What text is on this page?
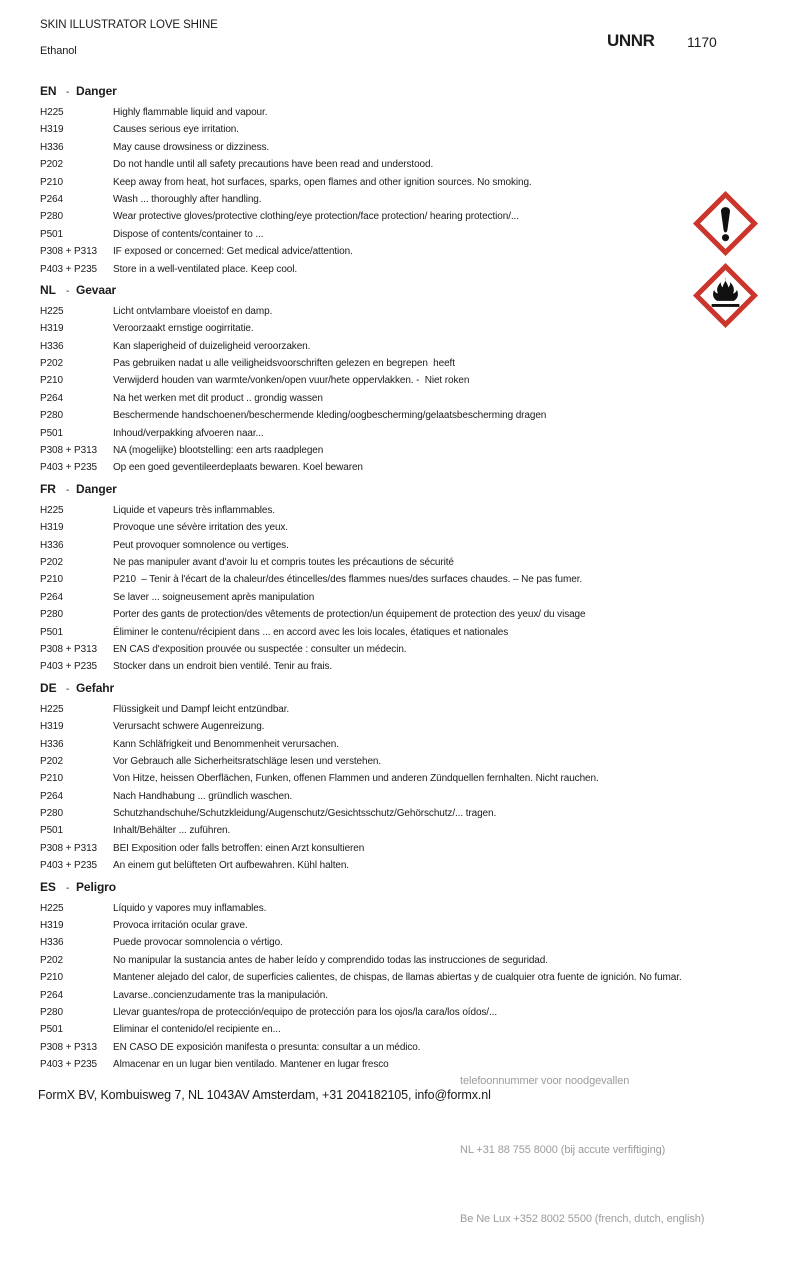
SKIN ILLUSTRATOR LOVE SHINE
Ethanol
UNNR 1170
EN - Danger
H225	Highly flammable liquid and vapour.
H319	Causes serious eye irritation.
H336	May cause drowsiness or dizziness.
P202	Do not handle until all safety precautions have been read and understood.
P210	Keep away from heat, hot surfaces, sparks, open flames and other ignition sources. No smoking.
P264	Wash ... thoroughly after handling.
P280	Wear protective gloves/protective clothing/eye protection/face protection/ hearing protection/...
P501	Dispose of contents/container to ...
P308 + P313	IF exposed or concerned: Get medical advice/attention.
P403 + P235	Store in a well-ventilated place. Keep cool.
NL - Gevaar
H225	Licht ontvlambare vloeistof en damp.
H319	Veroorzaakt ernstige oogirritatie.
H336	Kan slaperigheid of duizeligheid veroorzaken.
P202	Pas gebruiken nadat u alle veiligheidsvoorschriften gelezen en begrepen  heeft
P210	Verwijderd houden van warmte/vonken/open vuur/hete oppervlakken. -  Niet roken
P264	Na het werken met dit product .. grondig wassen
P280	Beschermende handschoenen/beschermende kleding/oogbescherming/gelaatsbescherming dragen
P501	Inhoud/verpakking afvoeren naar...
P308 + P313	NA (mogelijke) blootstelling: een arts raadplegen
P403 + P235	Op een goed geventileerdeplaats bewaren. Koel bewaren
FR - Danger
H225	Liquide et vapeurs très inflammables.
H319	Provoque une sévère irritation des yeux.
H336	Peut provoquer somnolence ou vertiges.
P202	Ne pas manipuler avant d'avoir lu et compris toutes les précautions de sécurité
P210	P210  – Tenir à l'écart de la chaleur/des étincelles/des flammes nues/des surfaces chaudes. – Ne pas fumer.
P264	Se laver ... soigneusement après manipulation
P280	Porter des gants de protection/des vêtements de protection/un équipement de protection des yeux/ du visage
P501	Éliminer le contenu/récipient dans ... en accord avec les lois locales, étatiques et nationales
P308 + P313	EN CAS d'exposition prouvée ou suspectée : consulter un médecin.
P403 + P235	Stocker dans un endroit bien ventilé. Tenir au frais.
DE - Gefahr
H225	Flüssigkeit und Dampf leicht entzündbar.
H319	Verursacht schwere Augenreizung.
H336	Kann Schläfrigkeit und Benommenheit verursachen.
P202	Vor Gebrauch alle Sicherheitsratschläge lesen und verstehen.
P210	Von Hitze, heissen Oberflächen, Funken, offenen Flammen und anderen Zündquellen fernhalten. Nicht rauchen.
P264	Nach Handhabung ... gründlich waschen.
P280	Schutzhandschuhe/Schutzkleidung/Augenschutz/Gesichtsschutz/Gehörschutz/... tragen.
P501	Inhalt/Behälter ... zuführen.
P308 + P313	BEI Exposition oder falls betroffen: einen Arzt konsultieren
P403 + P235	An einem gut belüfteten Ort aufbewahren. Kühl halten.
ES - Peligro
H225	Líquido y vapores muy inflamables.
H319	Provoca irritación ocular grave.
H336	Puede provocar somnolencia o vértigo.
P202	No manipular la sustancia antes de haber leído y comprendido todas las instrucciones de seguridad.
P210	Mantener alejado del calor, de superficies calientes, de chispas, de llamas abiertas y de cualquier otra fuente de ignición. No fumar.
P264	Lavarse..concienzudamente tras la manipulación.
P280	Llevar guantes/ropa de protección/equipo de protección para los ojos/la cara/los oídos/...
P501	Eliminar el contenido/el recipiente en...
P308 + P313	EN CASO DE exposición manifesta o presunta: consultar a un médico.
P403 + P235	Almacenar en un lugar bien ventilado. Mantener en lugar fresco

telefoonnummer voor noodgevallen

NL +31 88 755 8000 (bij accute verfiftiging)

Be Ne Lux +352 8002 5500 (french, dutch, english)

FormX BV, Kombuisweg 7, NL 1043AV Amsterdam, +31 204182105, info@formx.nl
